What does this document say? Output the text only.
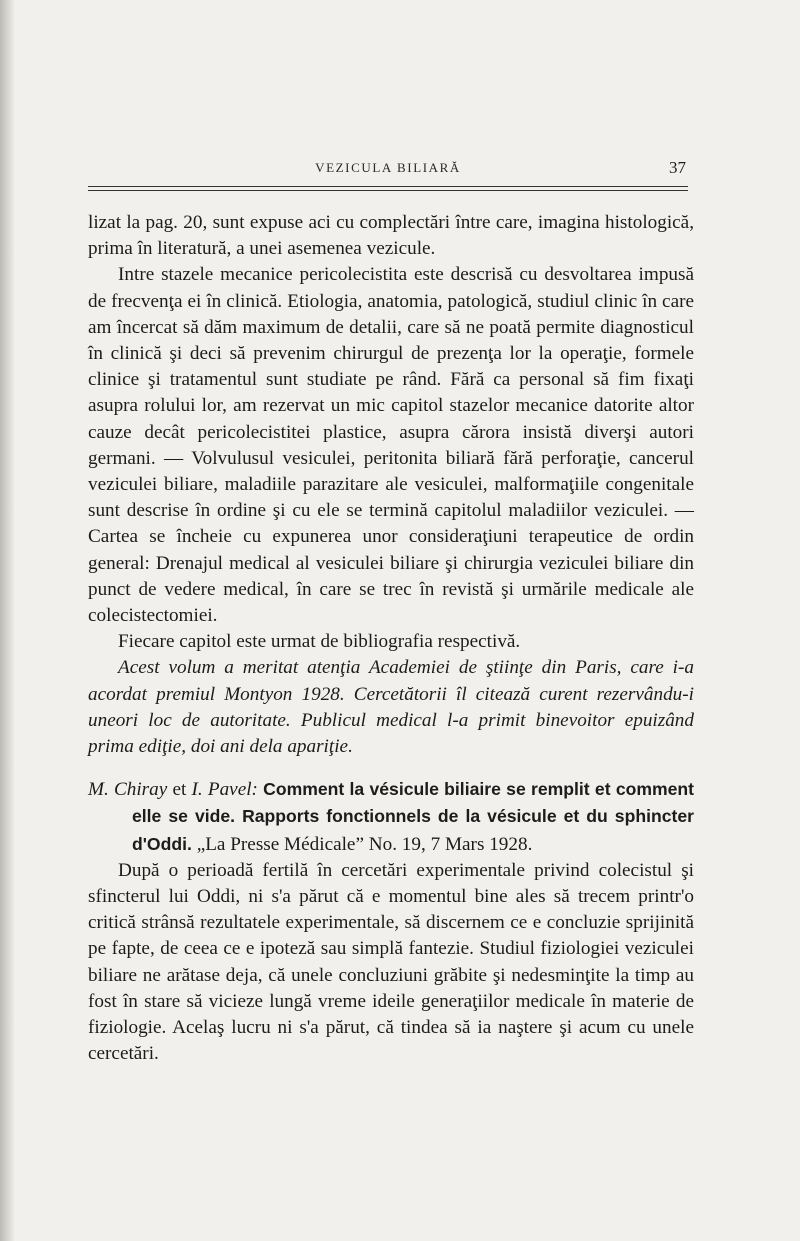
VEZICULA BILIARĂ	37

lizat la pag. 20, sunt expuse aci cu complectări între care, imagina histologică, prima în literatură, a unei asemenea vezicule.

Intre stazele mecanice pericolecistita este descrisă cu desvoltarea impusă de frecvenţa ei în clinică. Etiologia, anatomia, patologică, studiul clinic în care am încercat să dăm maximum de detalii, care să ne poată permite diagnosticul în clinică şi deci să prevenim chirurgul de prezenţa lor la operaţie, formele clinice şi tratamentul sunt studiate pe rând. Fără ca personal să fim fixaţi asupra rolului lor, am rezervat un mic capitol stazelor mecanice datorite altor cauze decât pericolecistitei plastice, asupra cărora insistă diverşi autori germani. — Volvulusul vesiculei, peritonita biliară fără perforaţie, cancerul veziculei biliare, maladiile parazitare ale vesiculei, malformaţiile congenitale sunt descrise în ordine şi cu ele se termină capitolul maladiilor veziculei. — Cartea se încheie cu expunerea unor consideraţiuni terapeutice de ordin general: Drenajul medical al vesiculei biliare şi chirurgia veziculei biliare din punct de vedere medical, în care se trec în revistă şi urmările medicale ale colecistectomiei.

Fiecare capitol este urmat de bibliografia respectivă.

Acest volum a meritat atenţia Academiei de ştiinţe din Paris, care i-a acordat premiul Montyon 1928. Cercetătorii îl citează curent rezervându-i uneori loc de autoritate. Publicul medical l-a primit binevoitor epuizând prima ediţie, doi ani dela apariţie.

M. Chiray et I. Pavel: Comment la vésicule biliaire se remplit et comment elle se vide. Rapports fonctionnels de la vésicule et du sphincter d'Oddi. „La Presse Médicale” No. 19, 7 Mars 1928.

După o perioadă fertilă în cercetări experimentale privind colecistul şi sfincterul lui Oddi, ni s'a părut că e momentul bine ales să trecem printr'o critică strânsă rezultatele experimentale, să discernem ce e concluzie sprijinită pe fapte, de ceea ce e ipoteză sau simplă fantezie. Studiul fiziologiei veziculei biliare ne arătase deja, că unele concluziuni grăbite şi nedesminţite la timp au fost în stare să vicieze lungă vreme ideile generaţiilor medicale în materie de fiziologie. Acelaş lucru ni s'a părut, că tindea să ia naştere şi acum cu unele cercetări.
